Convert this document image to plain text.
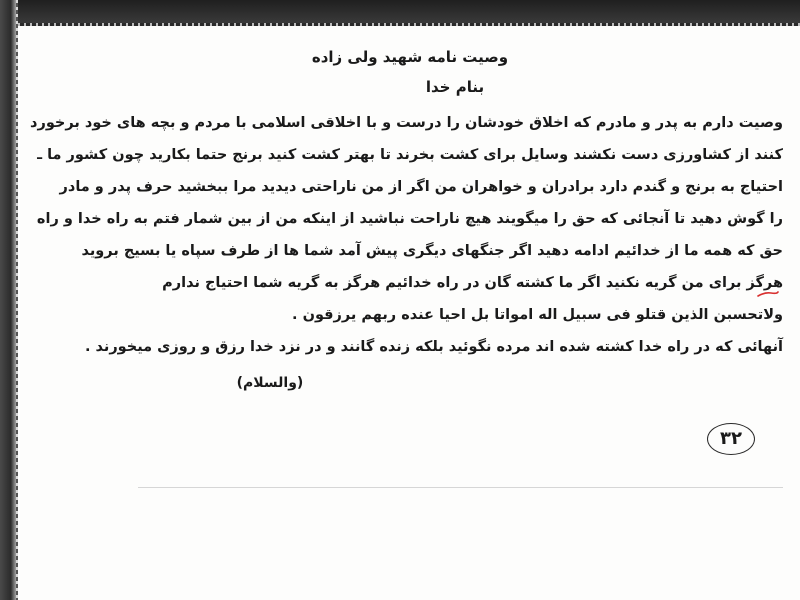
وصیت نامه شهید ولی زاده
بنام خدا
وصیت دارم به پدر و مادرم که اخلاق خودشان را درست و با اخلاقی اسلامی با مردم و بچه های خود برخورد
کنند از کشاورزی دست نکشند وسایل برای کشت بخرند تا بهتر کشت کنید برنج حتما بکارید چون کشور ما ـ
احتیاج به برنج و گندم دارد برادران و خواهران من اگر از من ناراحتی دیدید مرا ببخشید حرف پدر و مادر
را گوش دهید تا آنجائی که حق را میگویند هیچ ناراحت نباشید از اینکه من از بین شمار فتم به راه خدا و راه
حق که همه ما از خدائیم ادامه دهید اگر جنگهای دیگری پیش آمد شما ها از طرف سپاه یا بسیج بروید
هرگز برای من گریه نکنید اگر ما کشته گان در راه خدائیم هرگز به گریه شما احتیاج ندارم
ولاتحسبن الذین قتلو فی سبیل اله امواتا بل احیا عنده ربهم یرزقون .
آنهائی که در راه خدا کشته شده اند مرده نگوئید بلکه زنده گانند و در نزد خدا رزق و روزی میخورند .
(والسلام)
۳۲
